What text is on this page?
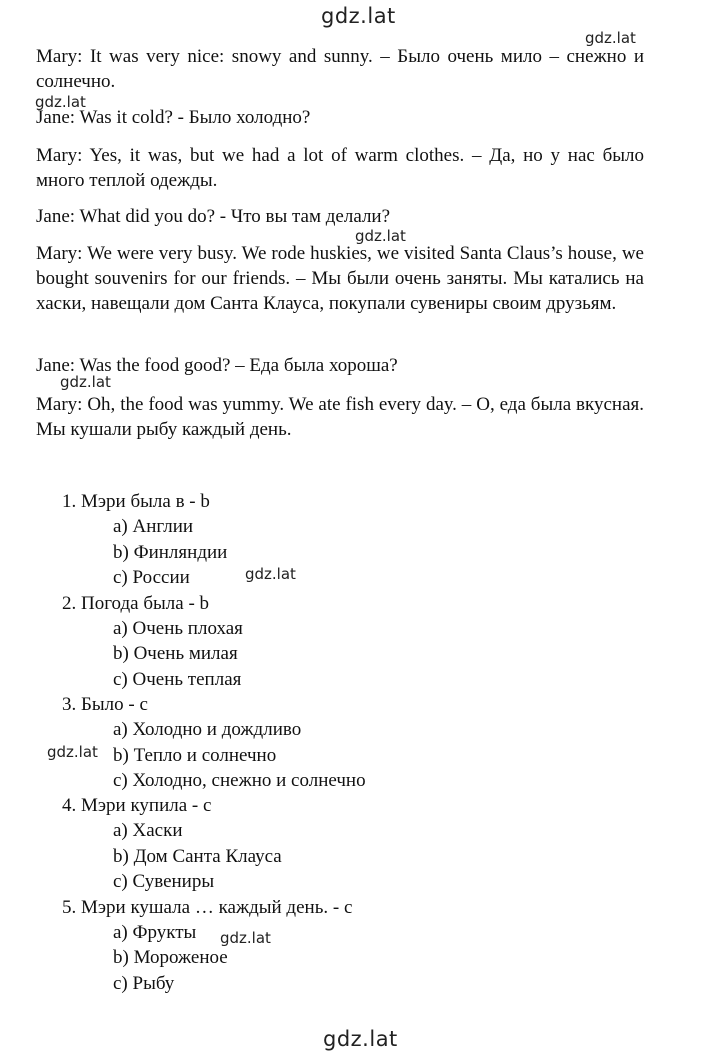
gdz.lat
gdz.lat
gdz.lat
gdz.lat
gdz.lat
gdz.lat
gdz.lat
gdz.lat
gdz.lat
Mary: It was very nice: snowy and sunny. – Было очень мило – снежно и солнечно.
Jane: Was it cold? - Было холодно?
Mary: Yes, it was, but we had a lot of warm clothes. – Да, но у нас было много теплой одежды.
Jane: What did you do? - Что вы там делали?
Mary: We were very busy. We rode huskies, we visited Santa Claus’s house, we bought souvenirs for our friends. – Мы были очень заняты. Мы катались на хаски, навещали дом Санта Клауса, покупали сувениры своим друзьям.
Jane: Was the food good? – Еда была хороша?
Mary: Oh, the food was yummy. We ate fish every day. – О, еда была вкусная. Мы кушали рыбу каждый день.
1. Мэри была в - b
a) Англии
b) Финляндии
c) России
2. Погода была - b
a) Очень плохая
b) Очень милая
c) Очень теплая
3. Было - c
a) Холодно и дождливо
b) Тепло и солнечно
c) Холодно, снежно и солнечно
4. Мэри купила - c
a) Хаски
b) Дом Санта Клауса
c) Сувениры
5. Мэри кушала … каждый день. - c
a) Фрукты
b) Мороженое
c) Рыбу
